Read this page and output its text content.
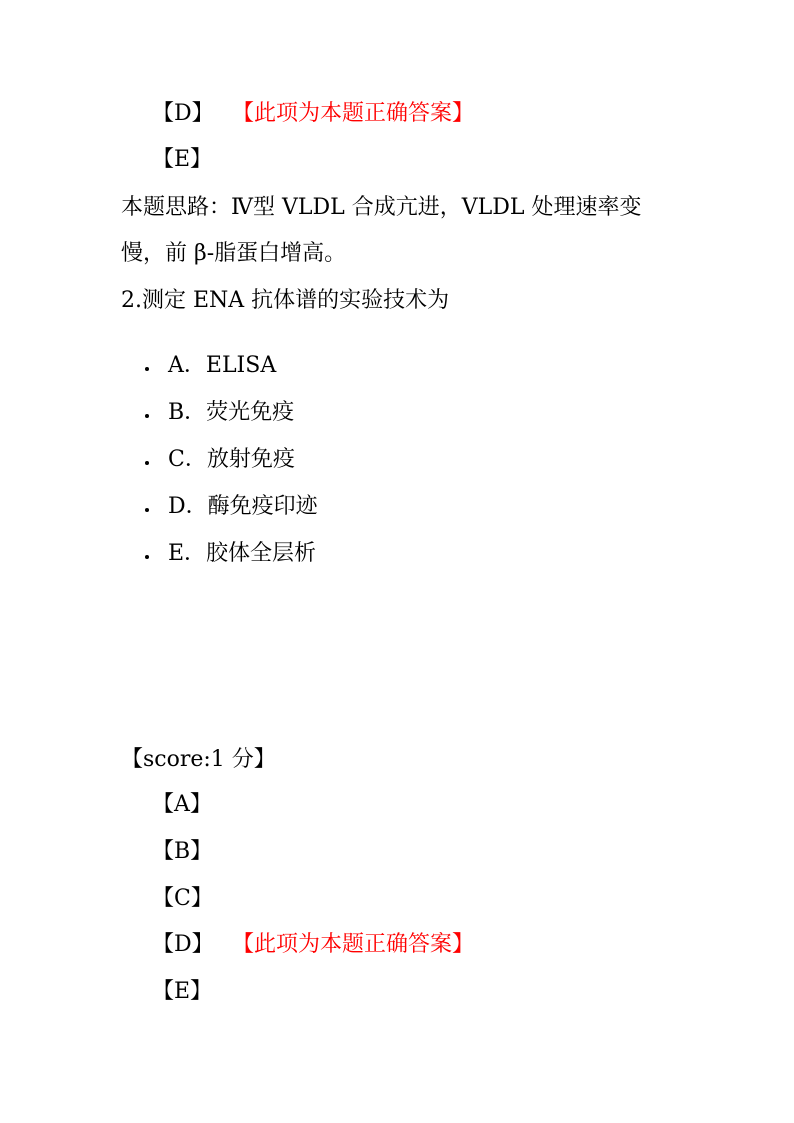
【D】 【此项为本题正确答案】
【E】
本题思路：Ⅳ型 VLDL 合成亢进，VLDL 处理速率变
慢，前 β-脂蛋白增高。
2.测定 ENA 抗体谱的实验技术为
A．ELISA
B．荧光免疫
C．放射免疫
D．酶免疫印迹
E．胶体全层析
【score:1 分】
【A】
【B】
【C】
【D】 【此项为本题正确答案】
【E】
